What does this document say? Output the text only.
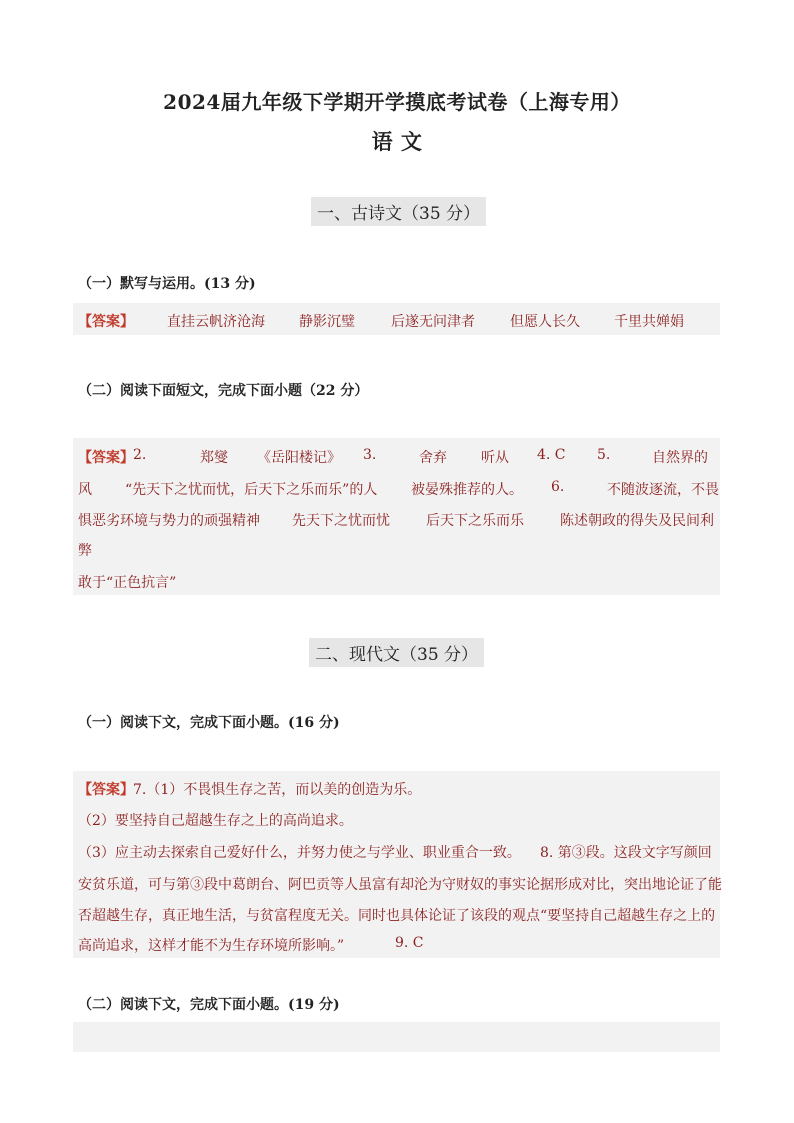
2024届九年级下学期开学摸底考试卷（上海专用）
语 文
一、古诗文（35 分）
（一）默写与运用。(13 分)
【答案】 直挂云帆济沧海 静影沉璧	后遂无问津者	但愿人长久 千里共婵娟
（二）阅读下面短文，完成下面小题（22 分）
【答案】 2.	郑燮 《岳阳楼记》 3.	舍弃 听从 4. C 5.	自然界的
风 “先天下之忧而忧，后天下之乐而乐”的人 被晏殊推荐的人。 6.	不随波逐流，不畏
惧恶劣环境与势力的顽强精神 先天下之忧而忧	后天下之乐而乐	陈述朝政的得失及民间利
弊
敢于“正色抗言”
二、现代文（35 分）
（一）阅读下文，完成下面小题。(16 分)
【答案】 7.（1）不畏惧生存之苦，而以美的创造为乐。
（2）要坚持自己超越生存之上的高尚追求。
（3）应主动去探索自己爱好什么，并努力使之与学业、职业重合一致。 8. 第③段。这段文字写颜回
安贫乐道，可与第③段中葛朗台、阿巴贡等人虽富有却沦为守财奴的事实论据形成对比，突出地论证了能
否超越生存，真正地生活，与贫富程度无关。同时也具体论证了该段的观点“要坚持自己超越生存之上的
高尚追求，这样才能不为生存环境所影响。”	9. C
（二）阅读下文，完成下面小题。(19 分)
